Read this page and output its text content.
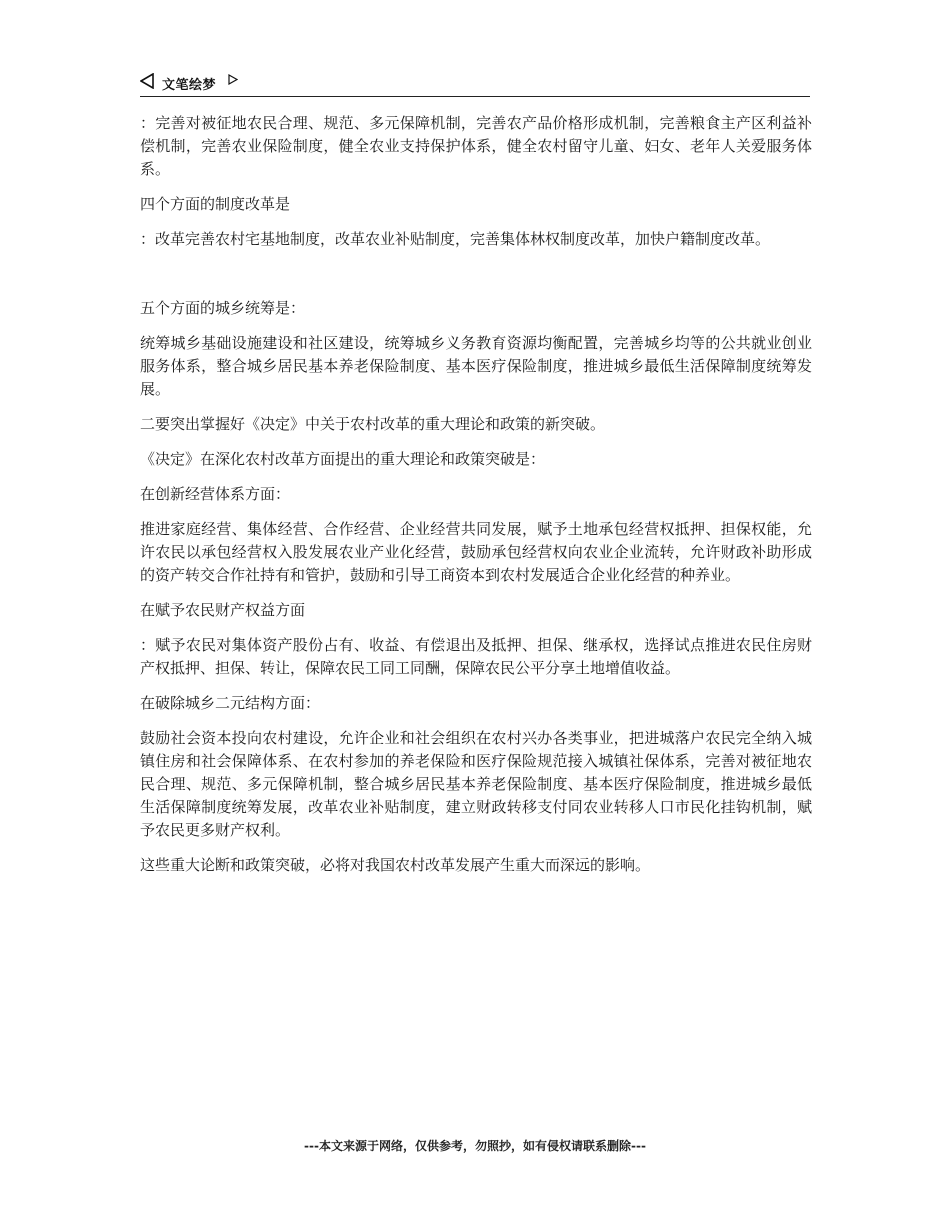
文笔绘梦

：完善对被征地农民合理、规范、多元保障机制，完善农产品价格形成机制，完善粮食主产区利益补偿机制，完善农业保险制度，健全农业支持保护体系，健全农村留守儿童、妇女、老年人关爱服务体系。

四个方面的制度改革是

：改革完善农村宅基地制度，改革农业补贴制度，完善集体林权制度改革，加快户籍制度改革。

五个方面的城乡统筹是：

统筹城乡基础设施建设和社区建设，统筹城乡义务教育资源均衡配置，完善城乡均等的公共就业创业服务体系，整合城乡居民基本养老保险制度、基本医疗保险制度，推进城乡最低生活保障制度统筹发展。

二要突出掌握好《决定》中关于农村改革的重大理论和政策的新突破。

《决定》在深化农村改革方面提出的重大理论和政策突破是：

在创新经营体系方面：

推进家庭经营、集体经营、合作经营、企业经营共同发展，赋予土地承包经营权抵押、担保权能，允许农民以承包经营权入股发展农业产业化经营，鼓励承包经营权向农业企业流转，允许财政补助形成的资产转交合作社持有和管护，鼓励和引导工商资本到农村发展适合企业化经营的种养业。

在赋予农民财产权益方面

：赋予农民对集体资产股份占有、收益、有偿退出及抵押、担保、继承权，选择试点推进农民住房财产权抵押、担保、转让，保障农民工同工同酬，保障农民公平分享土地增值收益。

在破除城乡二元结构方面：

鼓励社会资本投向农村建设，允许企业和社会组织在农村兴办各类事业，把进城落户农民完全纳入城镇住房和社会保障体系、在农村参加的养老保险和医疗保险规范接入城镇社保体系，完善对被征地农民合理、规范、多元保障机制，整合城乡居民基本养老保险制度、基本医疗保险制度，推进城乡最低生活保障制度统筹发展，改革农业补贴制度，建立财政转移支付同农业转移人口市民化挂钩机制，赋予农民更多财产权利。

这些重大论断和政策突破，必将对我国农村改革发展产生重大而深远的影响。

---本文来源于网络，仅供参考，勿照抄，如有侵权请联系删除---
